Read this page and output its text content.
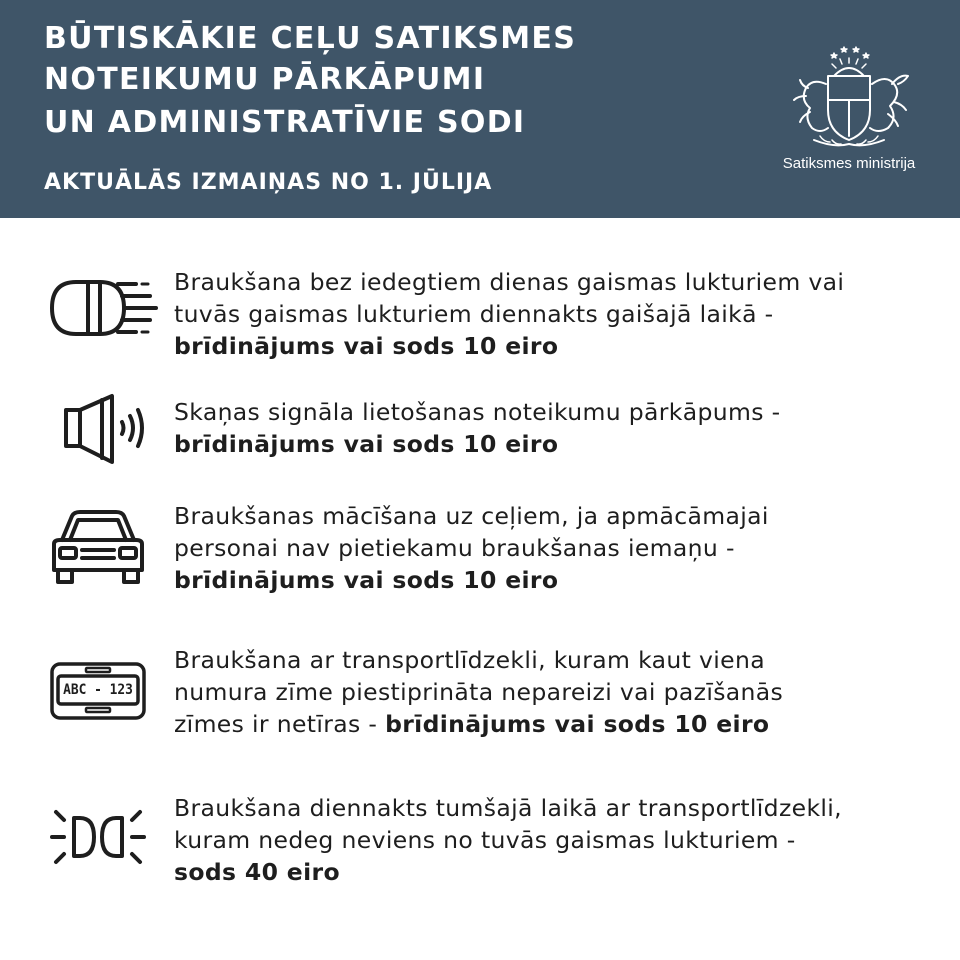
BŪTISKĀKIE CEĻU SATIKSMES
NOTEIKUMU PĀRKĀPUMI
UN ADMINISTRATĪVIE SODI
AKTUĀLĀS IZMAIŅAS NO 1. JŪLIJA
Satiksmes ministrija
Braukšana bez iedegtiem dienas gaismas lukturiem vai
tuvās gaismas lukturiem diennakts gaišajā laikā -
brīdinājums vai sods 10 eiro
Skaņas signāla lietošanas noteikumu pārkāpums -
brīdinājums vai sods 10 eiro
Braukšanas mācīšana uz ceļiem, ja apmācāmajai
personai nav pietiekamu braukšanas iemaņu -
brīdinājums vai sods 10 eiro
ABC - 123
Braukšana ar transportlīdzekli, kuram kaut viena
numura zīme piestiprināta nepareizi vai pazīšanās
zīmes ir netīras - brīdinājums vai sods 10 eiro
Braukšana diennakts tumšajā laikā ar transportlīdzekli,
kuram nedeg neviens no tuvās gaismas lukturiem -
sods 40 eiro
